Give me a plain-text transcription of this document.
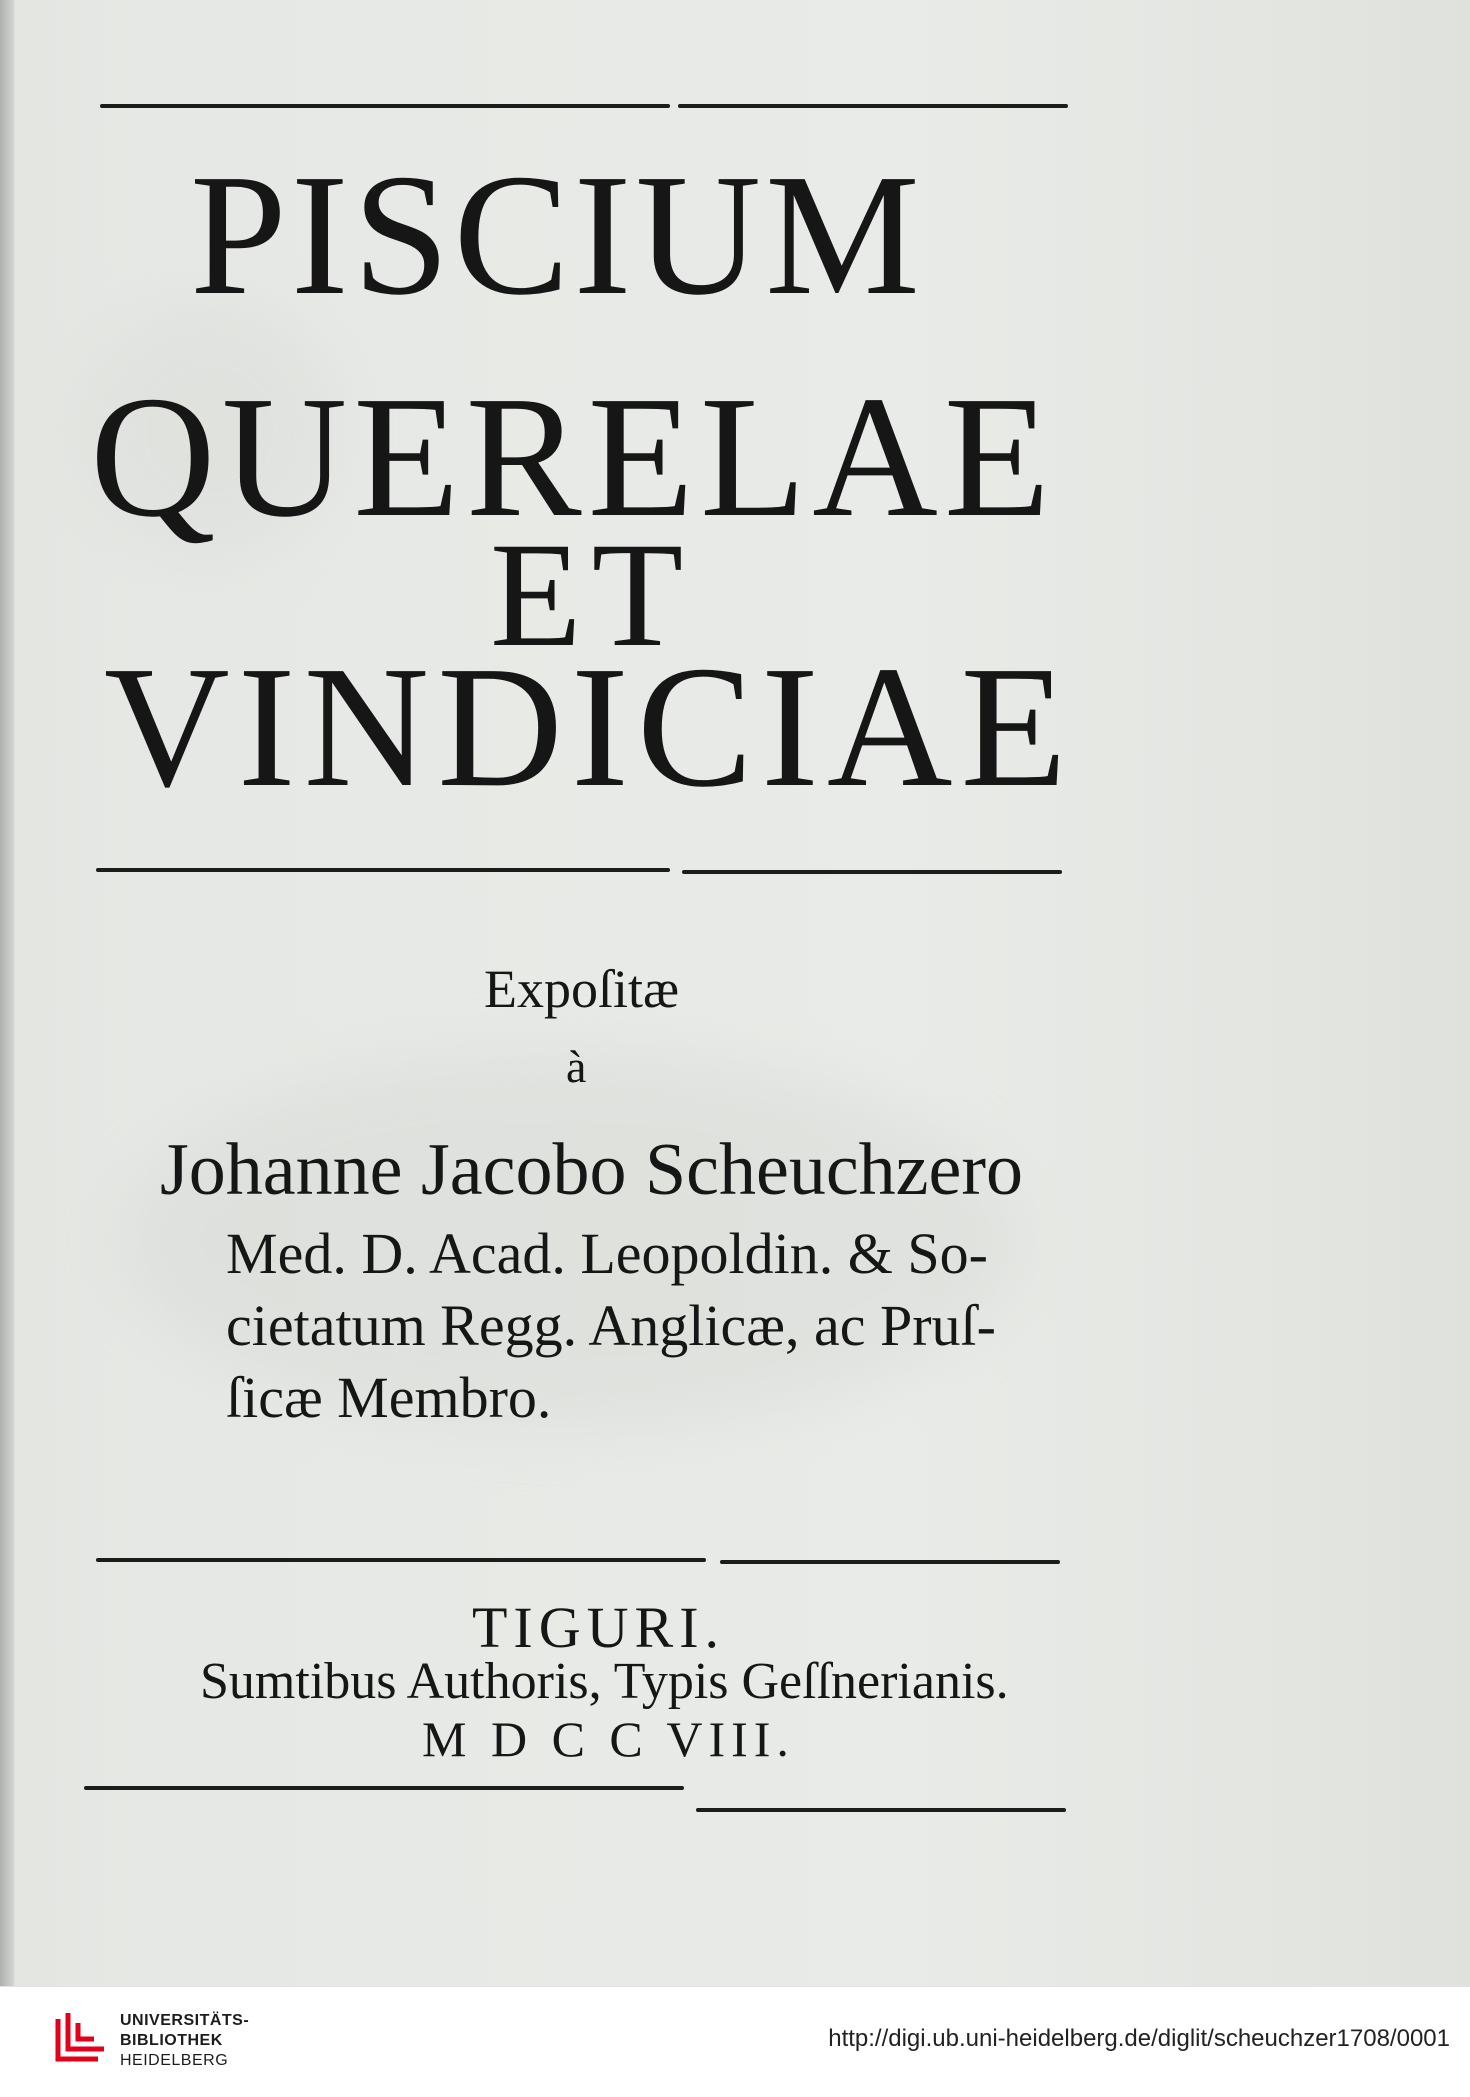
PISCIUM
QUERELAE
ET
VINDICIAE
Expoſitæ
à
Johanne Jacobo Scheuchzero
Med. D. Acad. Leopoldin. & So-
cietatum Regg. Anglicæ, ac Pruſ-
ſicæ Membro.
TIGURI.
Sumtibus Authoris, Typis Geſſnerianis.
M D C C VIII.
UNIVERSITÄTS-
BIBLIOTHEK
HEIDELBERG
http://digi.ub.uni-heidelberg.de/diglit/scheuchzer1708/0001
